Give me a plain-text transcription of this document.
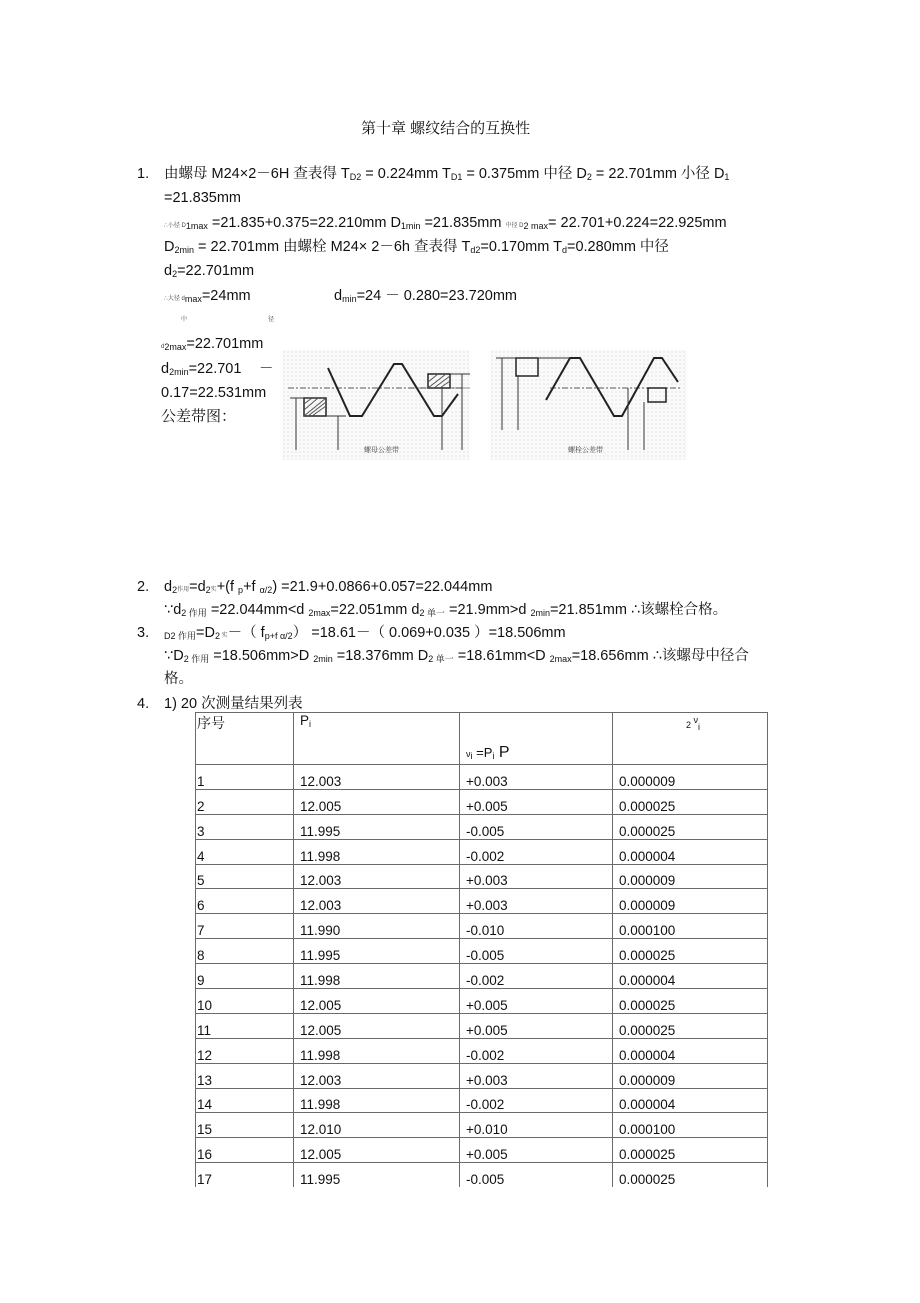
第十章 螺纹结合的互换性
1. 由螺母 M24×2－6H 查表得 $T_{D2} = 0.224mm$ $T_{D1} = 0.375mm$ 中径 $D_2 = 22.701mm$ 小径 $D_1$
=21.835mm
∴小径 $D_{1max} =21.835+0.375=22.210mm$ $D_{1min} =21.835mm$ 中径 $D_{2 max}= 22.701+0.224=22.925mm$
$D_{2min} = 22.701mm$ 由螺栓 M24× 2－6h 查表得 $T_{d2}=0.170mm$ $T_d=0.280mm$ 中径
$d_2=22.701mm$
∴大径 $d_{max}=24mm$	$d_{min}=24 - 0.280=23.720mm$
中	径
$d_{2max}=22.701mm$
$d_{2min}=22.701$ －
0.17=22.531mm
公差带图：
螺母公差带	螺栓公差带
2. $d_2$作用$=d_2$实+(f $_p$+f $_{\alpha/2}$) =21.9+0.0866+0.057=22.044mm
$\because d_{2 作用} =22.044mm<d$ $_{2max}$=22.051mm $d_{2 单一} =21.9mm>d$ $_{2min}$=21.851mm ∴该螺栓合格。
3. $_{D2 作用}=D_2$ 实－（ $f_{p+f \alpha/2}) =18.61-$（ 0.069+0.035 ）=18.506mm
$\because D_{2 作用} =18.506mm>D$ $_{2min}$ =18.376mm $D_{2 单一} =18.61mm<D$ $_{2max}$=18.656mm ∴该螺母中径合
格。
4. 1) 20 次测量结果列表
序号	$P_i$	$\nu_i =P_i$ P	2 νi
1	12.003	+0.003	0.000009
2	12.005	+0.005	0.000025
3	11.995	-0.005	0.000025
4	11.998	-0.002	0.000004
5	12.003	+0.003	0.000009
6	12.003	+0.003	0.000009
7	11.990	-0.010	0.000100
8	11.995	-0.005	0.000025
9	11.998	-0.002	0.000004
10	12.005	+0.005	0.000025
11	12.005	+0.005	0.000025
12	11.998	-0.002	0.000004
13	12.003	+0.003	0.000009
14	11.998	-0.002	0.000004
15	12.010	+0.010	0.000100
16	12.005	+0.005	0.000025
17	11.995	-0.005	0.000025
